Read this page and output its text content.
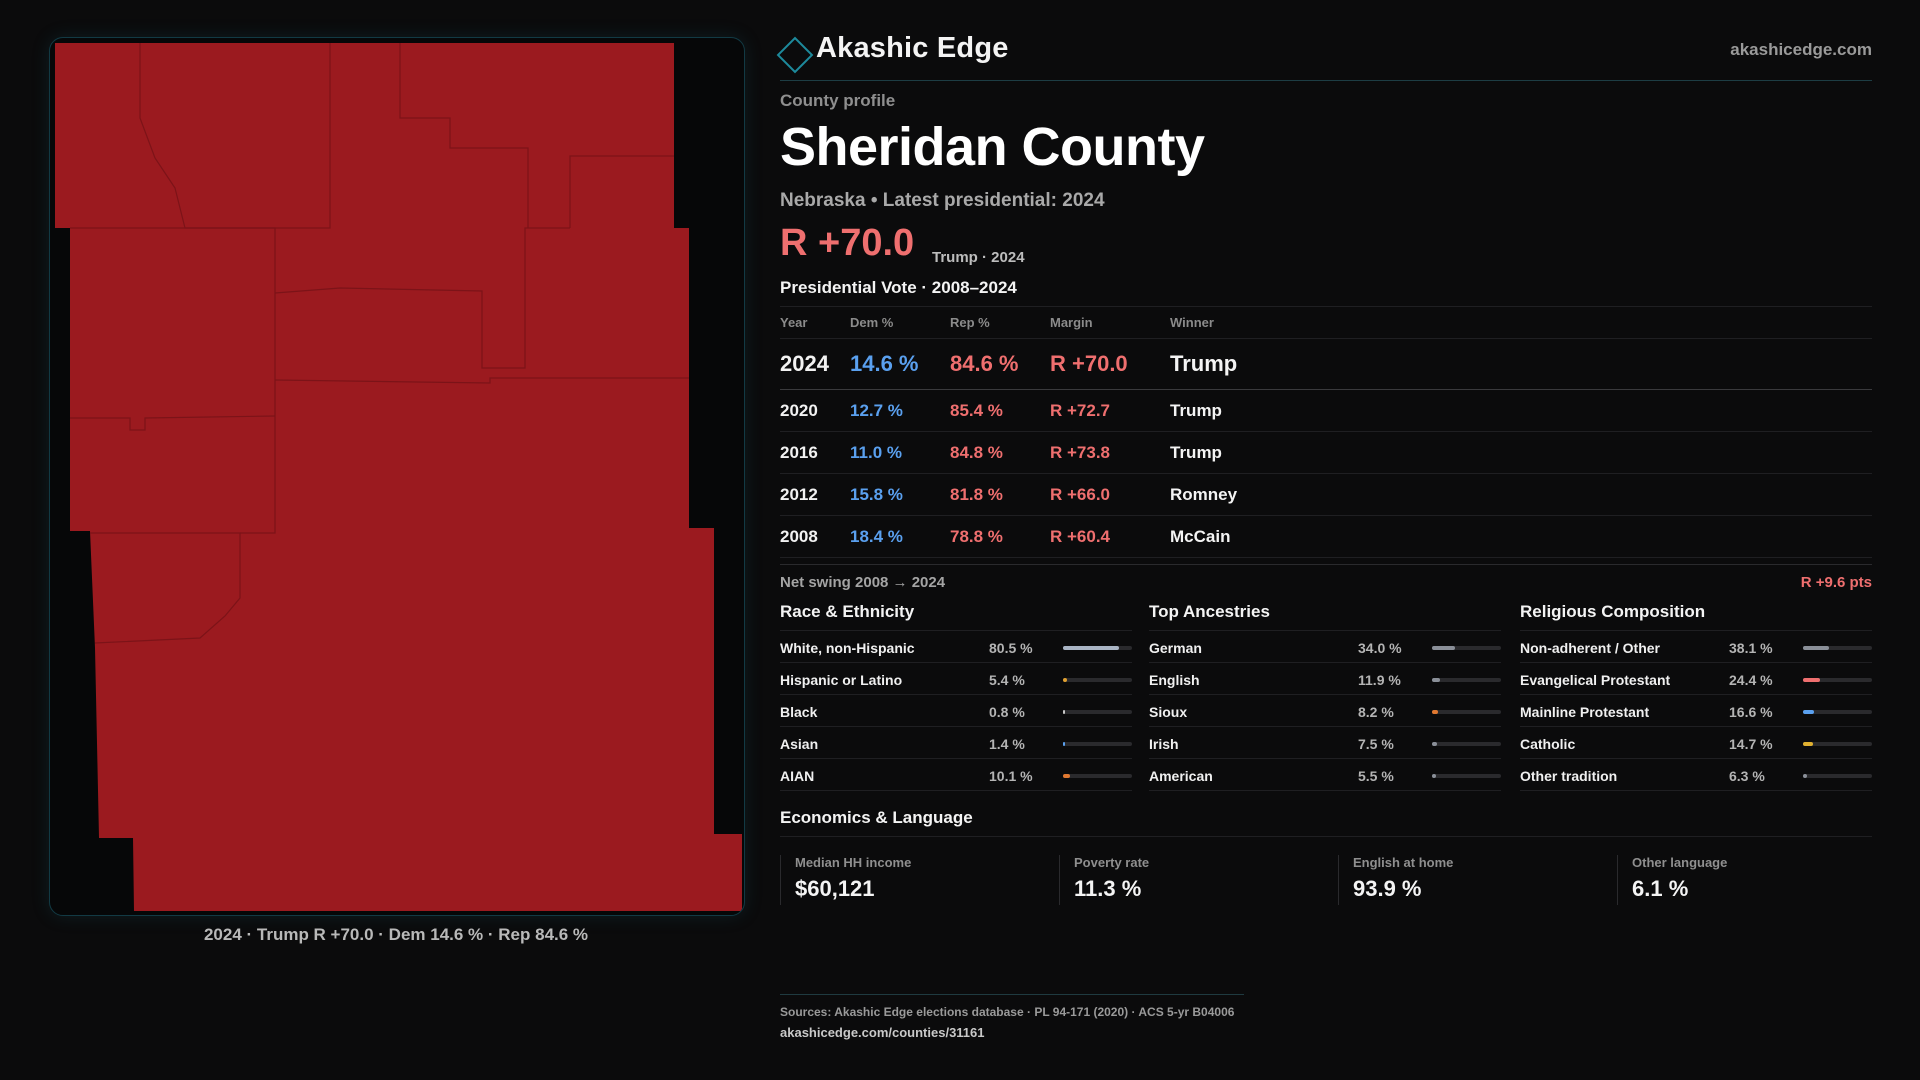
2024 · Trump R +70.0 · Dem 14.6 % · Rep 84.6 %
Akashic Edge	akashicedge.com
County profile
Sheridan County
Nebraska • Latest presidential: 2024
R +70.0 Trump · 2024
Presidential Vote · 2008–2024
Year	Dem %	Rep %	Margin	Winner
2024 14.6 % 84.6 % R +70.0 Trump
2020 12.7 %	85.4 %	R +72.7	Trump
2016 11.0 %	84.8 %	R +73.8	Trump
2012 15.8 %	81.8 %	R +66.0	Romney
2008 18.4 %	78.8 %	R +60.4	McCain
Net swing 2008 → 2024	R +9.6 pts
Race & Ethnicity
White, non-Hispanic	80.5 %
Hispanic or Latino	5.4 %
Black	0.8 %
Asian	1.4 %
AIAN	10.1 %
Top Ancestries
German	34.0 %
English	11.9 %
Sioux	8.2 %
Irish	7.5 %
American	5.5 %
Religious Composition
Non-adherent / Other	38.1 %
Evangelical Protestant	24.4 %
Mainline Protestant	16.6 %
Catholic	14.7 %
Other tradition	6.3 %
Economics & Language
Median HH income
$60,121
Poverty rate
11.3 %
English at home
93.9 %
Other language
6.1 %
Sources: Akashic Edge elections database · PL 94-171 (2020) · ACS 5-yr B04006
akashicedge.com/counties/31161
